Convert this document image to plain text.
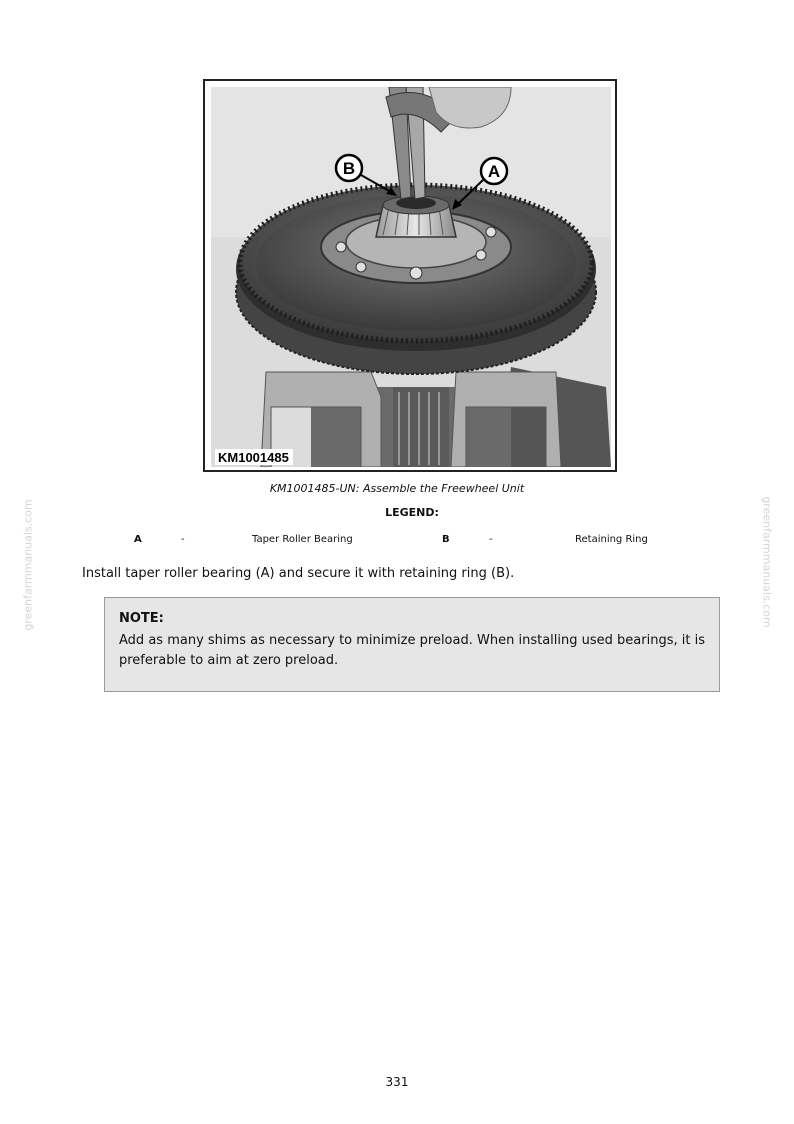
B	A
KM1001485
KM1001485-UN: Assemble the Freewheel Unit
LEGEND:
A	-	Taper Roller Bearing	B	-	Retaining Ring
Install taper roller bearing (A) and secure it with retaining ring (B).
NOTE:
Add as many shims as necessary to minimize preload. When installing used bearings, it is preferable to aim at zero preload.
greenfarmmanuals.com	greenfarmmanuals.com
331
